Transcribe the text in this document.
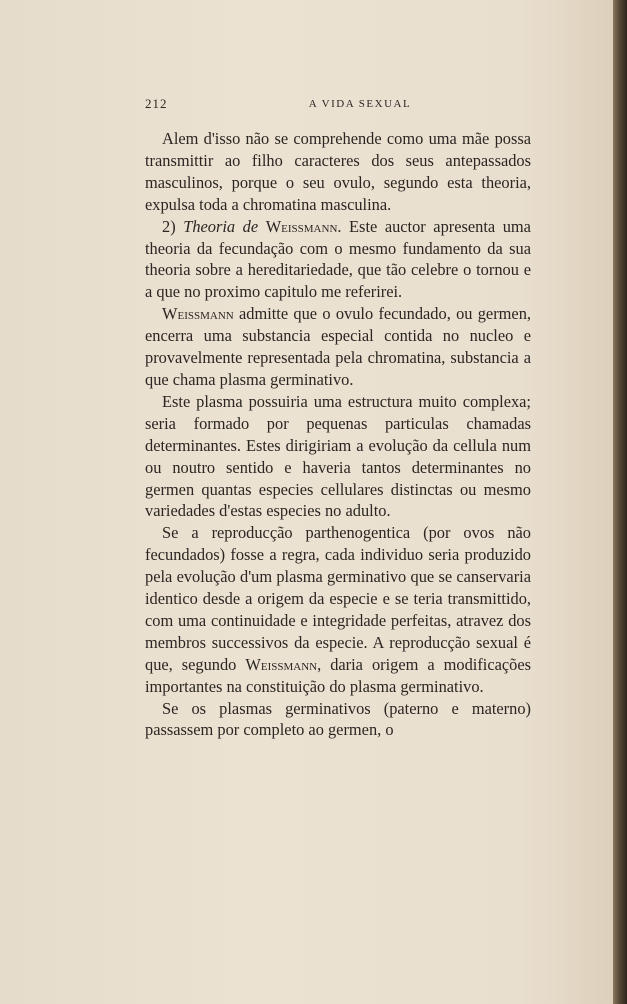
212	A VIDA SEXUAL

Alem d'isso não se comprehende como uma mãe possa transmittir ao filho caracteres dos seus antepassados masculinos, porque o seu ovulo, segundo esta theoria, expulsa toda a chromatina masculina.

2) Theoria de Weissmann. Este auctor apresenta uma theoria da fecundação com o mesmo fundamento da sua theoria sobre a hereditariedade, que tão celebre o tornou e a que no proximo capitulo me referirei.

Weissmann admitte que o ovulo fecundado, ou germen, encerra uma substancia especial contida no nucleo e provavelmente representada pela chromatina, substancia a que chama plasma germinativo.

Este plasma possuiria uma estructura muito complexa; seria formado por pequenas particulas chamadas determinantes. Estes dirigiriam a evolução da cellula num ou noutro sentido e haveria tantos determinantes no germen quantas especies cellulares distinctas ou mesmo variedades d'estas especies no adulto.

Se a reproducção parthenogentica (por ovos não fecundados) fosse a regra, cada individuo seria produzido pela evolução d'um plasma germinativo que se canservaria identico desde a origem da especie e se teria transmittido, com uma continuidade e integridade perfeitas, atravez dos membros successivos da especie. A reproducção sexual é que, segundo Weissmann, daria origem a modificações importantes na constituição do plasma germinativo.

Se os plasmas germinativos (paterno e materno) passassem por completo ao germen, o
